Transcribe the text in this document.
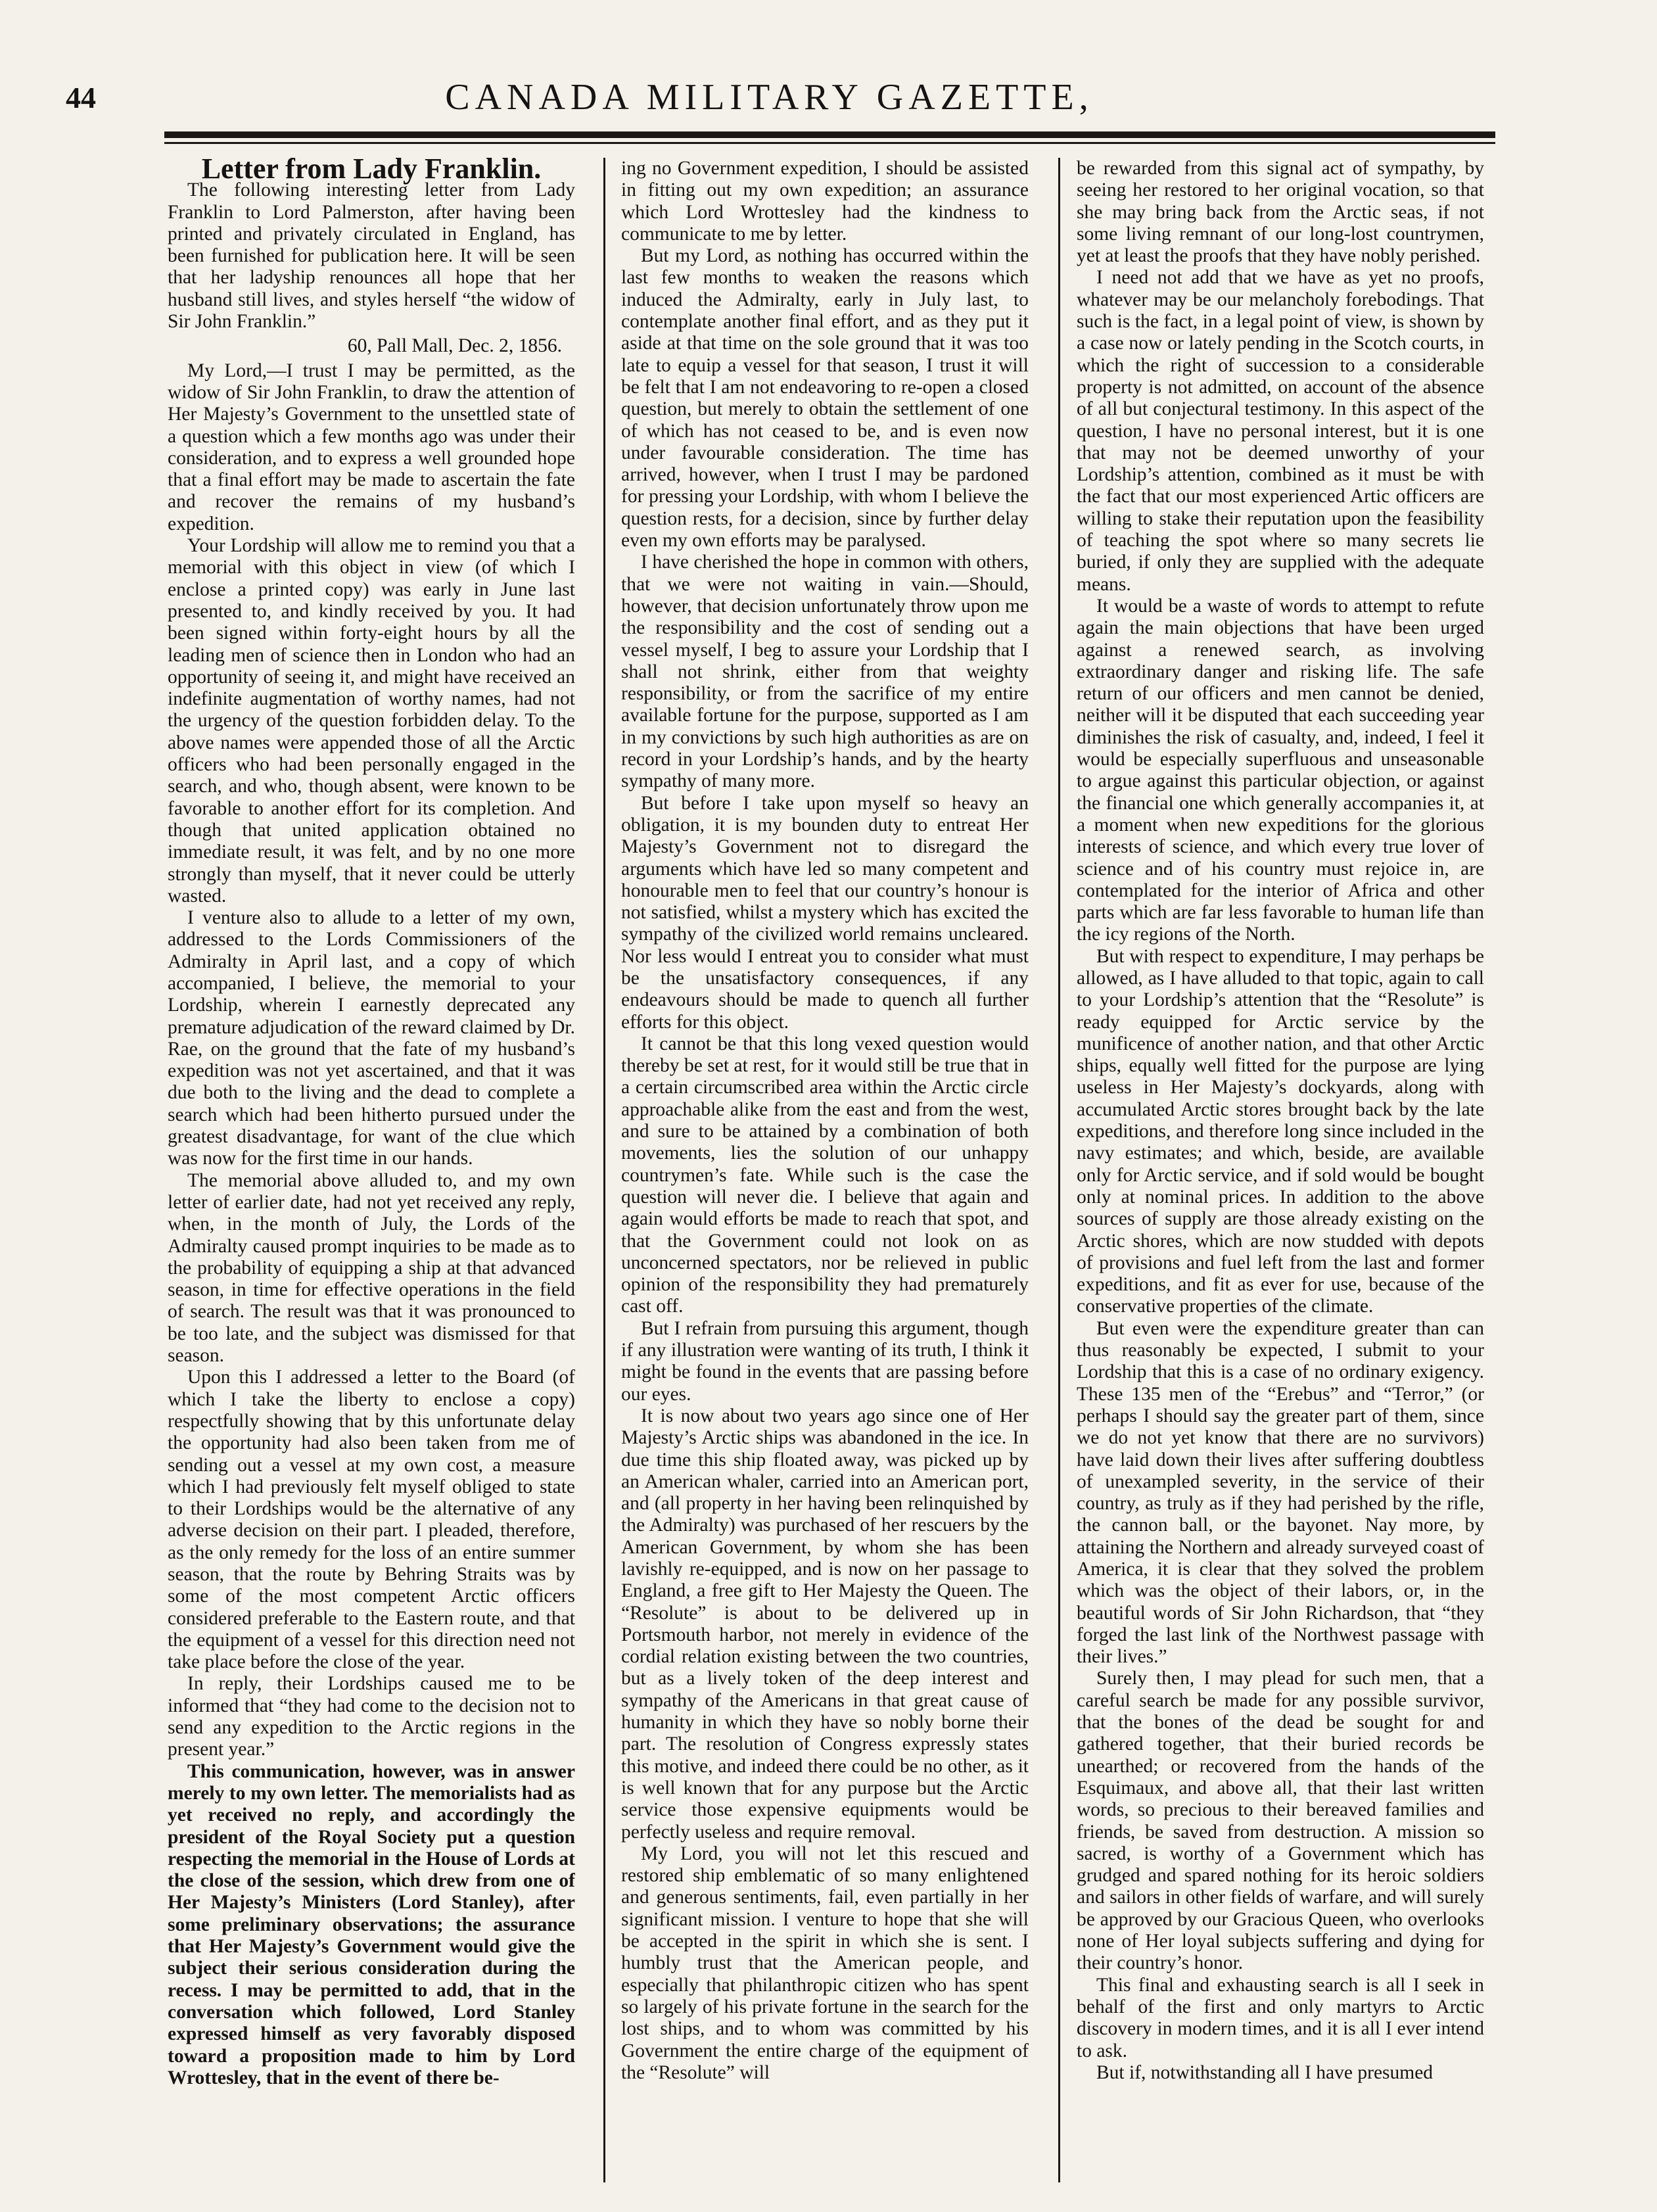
44	CANADA MILITARY GAZETTE,

Letter from Lady Franklin.

The following interesting letter from Lady Franklin to Lord Palmerston, after having been printed and privately circulated in England, has been furnished for publication here. It will be seen that her ladyship renounces all hope that her husband still lives, and styles herself “the widow of Sir John Franklin.”

60, Pall Mall, Dec. 2, 1856.

My Lord,—I trust I may be permitted, as the widow of Sir John Franklin, to draw the attention of Her Majesty’s Government to the unsettled state of a question which a few months ago was under their consideration, and to express a well grounded hope that a final effort may be made to ascertain the fate and recover the remains of my husband’s expedition.

Your Lordship will allow me to remind you that a memorial with this object in view (of which I enclose a printed copy) was early in June last presented to, and kindly received by you. It had been signed within forty-eight hours by all the leading men of science then in London who had an opportunity of seeing it, and might have received an indefinite augmentation of worthy names, had not the urgency of the question forbidden delay. To the above names were appended those of all the Arctic officers who had been personally engaged in the search, and who, though absent, were known to be favorable to another effort for its completion. And though that united application obtained no immediate result, it was felt, and by no one more strongly than myself, that it never could be utterly wasted.

I venture also to allude to a letter of my own, addressed to the Lords Commissioners of the Admiralty in April last, and a copy of which accompanied, I believe, the memorial to your Lordship, wherein I earnestly deprecated any premature adjudication of the reward claimed by Dr. Rae, on the ground that the fate of my husband’s expedition was not yet ascertained, and that it was due both to the living and the dead to complete a search which had been hitherto pursued under the greatest disadvantage, for want of the clue which was now for the first time in our hands.

The memorial above alluded to, and my own letter of earlier date, had not yet received any reply, when, in the month of July, the Lords of the Admiralty caused prompt inquiries to be made as to the probability of equipping a ship at that advanced season, in time for effective operations in the field of search. The result was that it was pronounced to be too late, and the subject was dismissed for that season.

Upon this I addressed a letter to the Board (of which I take the liberty to enclose a copy) respectfully showing that by this unfortunate delay the opportunity had also been taken from me of sending out a vessel at my own cost, a measure which I had previously felt myself obliged to state to their Lordships would be the alternative of any adverse decision on their part. I pleaded, therefore, as the only remedy for the loss of an entire summer season, that the route by Behring Straits was by some of the most competent Arctic officers considered preferable to the Eastern route, and that the equipment of a vessel for this direction need not take place before the close of the year.

In reply, their Lordships caused me to be informed that “they had come to the decision not to send any expedition to the Arctic regions in the present year.”

This communication, however, was in answer merely to my own letter. The memorialists had as yet received no reply, and accordingly the president of the Royal Society put a question respecting the memorial in the House of Lords at the close of the session, which drew from one of Her Majesty’s Ministers (Lord Stanley), after some preliminary observations; the assurance that Her Majesty’s Government would give the subject their serious consideration during the recess. I may be permitted to add, that in the conversation which followed, Lord Stanley expressed himself as very favorably disposed toward a proposition made to him by Lord Wrottesley, that in the event of there be-

ing no Government expedition, I should be assisted in fitting out my own expedition; an assurance which Lord Wrottesley had the kindness to communicate to me by letter.

But my Lord, as nothing has occurred within the last few months to weaken the reasons which induced the Admiralty, early in July last, to contemplate another final effort, and as they put it aside at that time on the sole ground that it was too late to equip a vessel for that season, I trust it will be felt that I am not endeavoring to re-open a closed question, but merely to obtain the settlement of one of which has not ceased to be, and is even now under favourable consideration. The time has arrived, however, when I trust I may be pardoned for pressing your Lordship, with whom I believe the question rests, for a decision, since by further delay even my own efforts may be paralysed.

I have cherished the hope in common with others, that we were not waiting in vain.—Should, however, that decision unfortunately throw upon me the responsibility and the cost of sending out a vessel myself, I beg to assure your Lordship that I shall not shrink, either from that weighty responsibility, or from the sacrifice of my entire available fortune for the purpose, supported as I am in my convictions by such high authorities as are on record in your Lordship’s hands, and by the hearty sympathy of many more.

But before I take upon myself so heavy an obligation, it is my bounden duty to entreat Her Majesty’s Government not to disregard the arguments which have led so many competent and honourable men to feel that our country’s honour is not satisfied, whilst a mystery which has excited the sympathy of the civilized world remains uncleared. Nor less would I entreat you to consider what must be the unsatisfactory consequences, if any endeavours should be made to quench all further efforts for this object.

It cannot be that this long vexed question would thereby be set at rest, for it would still be true that in a certain circumscribed area within the Arctic circle approachable alike from the east and from the west, and sure to be attained by a combination of both movements, lies the solution of our unhappy countrymen’s fate. While such is the case the question will never die. I believe that again and again would efforts be made to reach that spot, and that the Government could not look on as unconcerned spectators, nor be relieved in public opinion of the responsibility they had prematurely cast off.

But I refrain from pursuing this argument, though if any illustration were wanting of its truth, I think it might be found in the events that are passing before our eyes.

It is now about two years ago since one of Her Majesty’s Arctic ships was abandoned in the ice. In due time this ship floated away, was picked up by an American whaler, carried into an American port, and (all property in her having been relinquished by the Admiralty) was purchased of her rescuers by the American Government, by whom she has been lavishly re-equipped, and is now on her passage to England, a free gift to Her Majesty the Queen. The “Resolute” is about to be delivered up in Portsmouth harbor, not merely in evidence of the cordial relation existing between the two countries, but as a lively token of the deep interest and sympathy of the Americans in that great cause of humanity in which they have so nobly borne their part. The resolution of Congress expressly states this motive, and indeed there could be no other, as it is well known that for any purpose but the Arctic service those expensive equipments would be perfectly useless and require removal.

My Lord, you will not let this rescued and restored ship emblematic of so many enlightened and generous sentiments, fail, even partially in her significant mission. I venture to hope that she will be accepted in the spirit in which she is sent. I humbly trust that the American people, and especially that philanthropic citizen who has spent so largely of his private fortune in the search for the lost ships, and to whom was committed by his Government the entire charge of the equipment of the “Resolute” will

be rewarded from this signal act of sympathy, by seeing her restored to her original vocation, so that she may bring back from the Arctic seas, if not some living remnant of our long-lost countrymen, yet at least the proofs that they have nobly perished.

I need not add that we have as yet no proofs, whatever may be our melancholy forebodings. That such is the fact, in a legal point of view, is shown by a case now or lately pending in the Scotch courts, in which the right of succession to a considerable property is not admitted, on account of the absence of all but conjectural testimony. In this aspect of the question, I have no personal interest, but it is one that may not be deemed unworthy of your Lordship’s attention, combined as it must be with the fact that our most experienced Artic officers are willing to stake their reputation upon the feasibility of teaching the spot where so many secrets lie buried, if only they are supplied with the adequate means.

It would be a waste of words to attempt to refute again the main objections that have been urged against a renewed search, as involving extraordinary danger and risking life. The safe return of our officers and men cannot be denied, neither will it be disputed that each succeeding year diminishes the risk of casualty, and, indeed, I feel it would be especially superfluous and unseasonable to argue against this particular objection, or against the financial one which generally accompanies it, at a moment when new expeditions for the glorious interests of science, and which every true lover of science and of his country must rejoice in, are contemplated for the interior of Africa and other parts which are far less favorable to human life than the icy regions of the North.

But with respect to expenditure, I may perhaps be allowed, as I have alluded to that topic, again to call to your Lordship’s attention that the “Resolute” is ready equipped for Arctic service by the munificence of another nation, and that other Arctic ships, equally well fitted for the purpose are lying useless in Her Majesty’s dockyards, along with accumulated Arctic stores brought back by the late expeditions, and therefore long since included in the navy estimates; and which, beside, are available only for Arctic service, and if sold would be bought only at nominal prices. In addition to the above sources of supply are those already existing on the Arctic shores, which are now studded with depots of provisions and fuel left from the last and former expeditions, and fit as ever for use, because of the conservative properties of the climate.

But even were the expenditure greater than can thus reasonably be expected, I submit to your Lordship that this is a case of no ordinary exigency. These 135 men of the “Erebus” and “Terror,” (or perhaps I should say the greater part of them, since we do not yet know that there are no survivors) have laid down their lives after suffering doubtless of unexampled severity, in the service of their country, as truly as if they had perished by the rifle, the cannon ball, or the bayonet. Nay more, by attaining the Northern and already surveyed coast of America, it is clear that they solved the problem which was the object of their labors, or, in the beautiful words of Sir John Richardson, that “they forged the last link of the Northwest passage with their lives.”

Surely then, I may plead for such men, that a careful search be made for any possible survivor, that the bones of the dead be sought for and gathered together, that their buried records be unearthed; or recovered from the hands of the Esquimaux, and above all, that their last written words, so precious to their bereaved families and friends, be saved from destruction. A mission so sacred, is worthy of a Government which has grudged and spared nothing for its heroic soldiers and sailors in other fields of warfare, and will surely be approved by our Gracious Queen, who overlooks none of Her loyal subjects suffering and dying for their country’s honor.

This final and exhausting search is all I seek in behalf of the first and only martyrs to Arctic discovery in modern times, and it is all I ever intend to ask.

But if, notwithstanding all I have presumed
